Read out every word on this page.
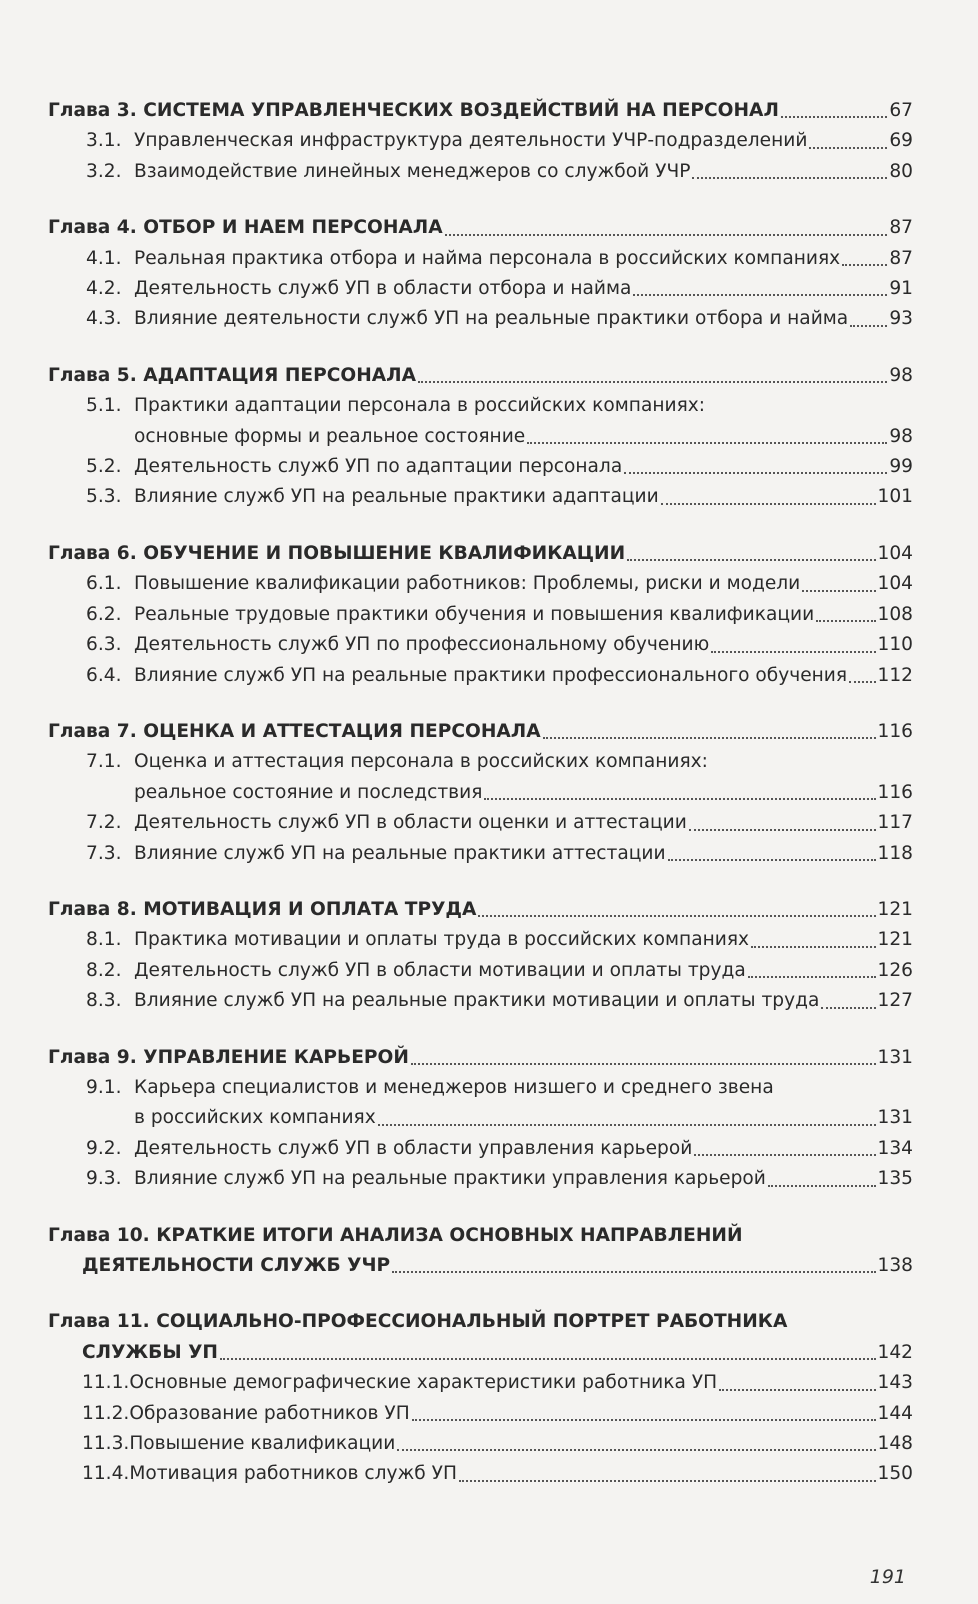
Глава 3. СИСТЕМА УПРАВЛЕНЧЕСКИХ ВОЗДЕЙСТВИЙ НА ПЕРСОНАЛ	67
3.1. Управленческая инфраструктура деятельности УЧР-подразделений	69
3.2. Взаимодействие линейных менеджеров со службой УЧР	80
Глава 4. ОТБОР И НАЕМ ПЕРСОНАЛА	87
4.1. Реальная практика отбора и найма персонала в российских компаниях	87
4.2. Деятельность служб УП в области отбора и найма	91
4.3. Влияние деятельности служб УП на реальные практики отбора и найма 93
Глава 5. АДАПТАЦИЯ ПЕРСОНАЛА	98
5.1. Практики адаптации персонала в российских компаниях:
основные формы и реальное состояние	98
5.2. Деятельность служб УП по адаптации персонала	99
5.3. Влияние служб УП на реальные практики адаптации	101
Глава 6. ОБУЧЕНИЕ И ПОВЫШЕНИЕ КВАЛИФИКАЦИИ	104
6.1. Повышение квалификации работников: Проблемы, риски и модели	104
6.2. Реальные трудовые практики обучения и повышения квалификации	108
6.3. Деятельность служб УП по профессиональному обучению	110
6.4. Влияние служб УП на реальные практики профессионального обучения 112
Глава 7. ОЦЕНКА И АТТЕСТАЦИЯ ПЕРСОНАЛА	116
7.1. Оценка и аттестация персонала в российских компаниях:
реальное состояние и последствия	116
7.2. Деятельность служб УП в области оценки и аттестации	117
7.3. Влияние служб УП на реальные практики аттестации	118
Глава 8. МОТИВАЦИЯ И ОПЛАТА ТРУДА	121
8.1. Практика мотивации и оплаты труда в российских компаниях	121
8.2. Деятельность служб УП в области мотивации и оплаты труда	126
8.3. Влияние служб УП на реальные практики мотивации и оплаты труда	127
Глава 9. УПРАВЛЕНИЕ КАРЬЕРОЙ	131
9.1. Карьера специалистов и менеджеров низшего и среднего звена
в российских компаниях	131
9.2. Деятельность служб УП в области управления карьерой	134
9.3. Влияние служб УП на реальные практики управления карьерой	135
Глава 10. КРАТКИЕ ИТОГИ АНАЛИЗА ОСНОВНЫХ НАПРАВЛЕНИЙ
ДЕЯТЕЛЬНОСТИ СЛУЖБ УЧР	138
Глава 11. СОЦИАЛЬНО-ПРОФЕССИОНАЛЬНЫЙ ПОРТРЕТ РАБОТНИКА
СЛУЖБЫ УП	142
11.1. Основные демографические характеристики работника УП	143
11.2. Образование работников УП	144
11.3. Повышение квалификации	148
11.4. Мотивация работников служб УП	150
191
